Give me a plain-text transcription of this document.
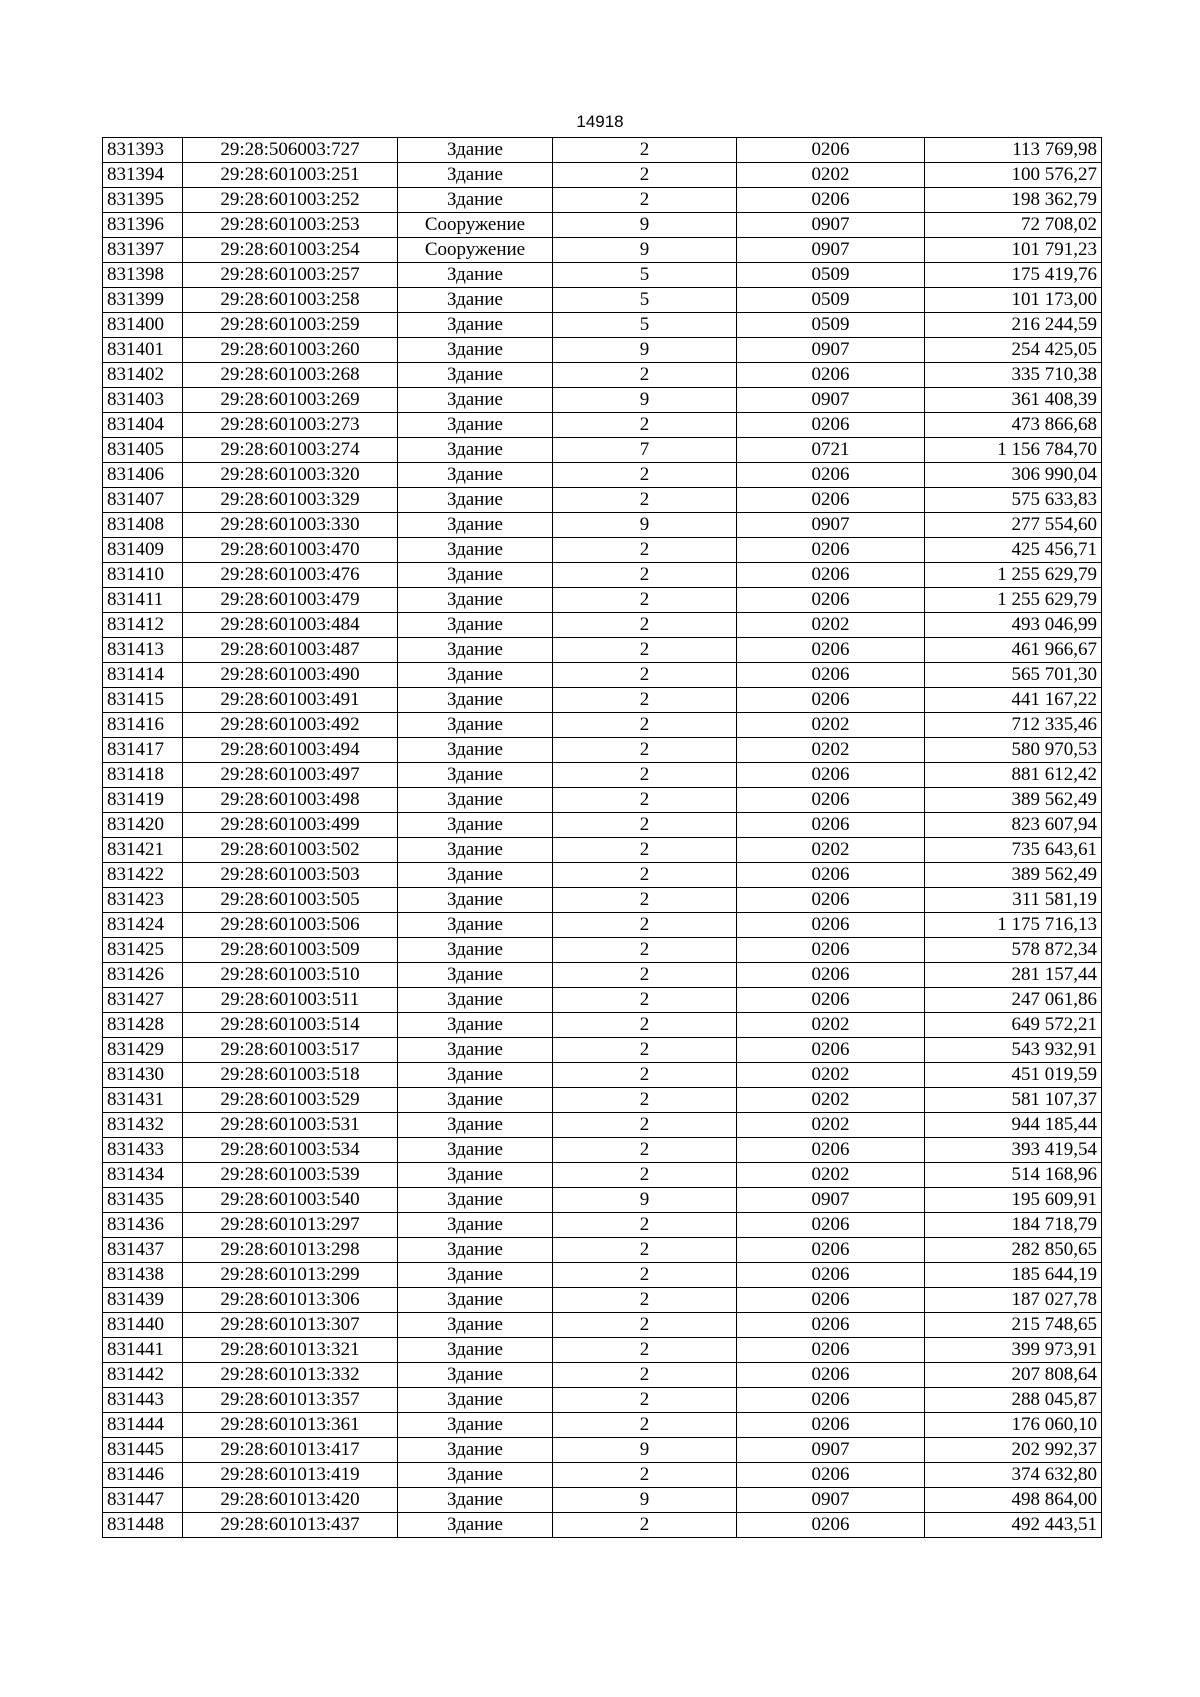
14918
831393	29:28:506003:727	Здание	2	0206	113 769,98
831394	29:28:601003:251	Здание	2	0202	100 576,27
831395	29:28:601003:252	Здание	2	0206	198 362,79
831396	29:28:601003:253	Сооружение	9	0907	72 708,02
831397	29:28:601003:254	Сооружение	9	0907	101 791,23
831398	29:28:601003:257	Здание	5	0509	175 419,76
831399	29:28:601003:258	Здание	5	0509	101 173,00
831400	29:28:601003:259	Здание	5	0509	216 244,59
831401	29:28:601003:260	Здание	9	0907	254 425,05
831402	29:28:601003:268	Здание	2	0206	335 710,38
831403	29:28:601003:269	Здание	9	0907	361 408,39
831404	29:28:601003:273	Здание	2	0206	473 866,68
831405	29:28:601003:274	Здание	7	0721	1 156 784,70
831406	29:28:601003:320	Здание	2	0206	306 990,04
831407	29:28:601003:329	Здание	2	0206	575 633,83
831408	29:28:601003:330	Здание	9	0907	277 554,60
831409	29:28:601003:470	Здание	2	0206	425 456,71
831410	29:28:601003:476	Здание	2	0206	1 255 629,79
831411	29:28:601003:479	Здание	2	0206	1 255 629,79
831412	29:28:601003:484	Здание	2	0202	493 046,99
831413	29:28:601003:487	Здание	2	0206	461 966,67
831414	29:28:601003:490	Здание	2	0206	565 701,30
831415	29:28:601003:491	Здание	2	0206	441 167,22
831416	29:28:601003:492	Здание	2	0202	712 335,46
831417	29:28:601003:494	Здание	2	0202	580 970,53
831418	29:28:601003:497	Здание	2	0206	881 612,42
831419	29:28:601003:498	Здание	2	0206	389 562,49
831420	29:28:601003:499	Здание	2	0206	823 607,94
831421	29:28:601003:502	Здание	2	0202	735 643,61
831422	29:28:601003:503	Здание	2	0206	389 562,49
831423	29:28:601003:505	Здание	2	0206	311 581,19
831424	29:28:601003:506	Здание	2	0206	1 175 716,13
831425	29:28:601003:509	Здание	2	0206	578 872,34
831426	29:28:601003:510	Здание	2	0206	281 157,44
831427	29:28:601003:511	Здание	2	0206	247 061,86
831428	29:28:601003:514	Здание	2	0202	649 572,21
831429	29:28:601003:517	Здание	2	0206	543 932,91
831430	29:28:601003:518	Здание	2	0202	451 019,59
831431	29:28:601003:529	Здание	2	0202	581 107,37
831432	29:28:601003:531	Здание	2	0202	944 185,44
831433	29:28:601003:534	Здание	2	0206	393 419,54
831434	29:28:601003:539	Здание	2	0202	514 168,96
831435	29:28:601003:540	Здание	9	0907	195 609,91
831436	29:28:601013:297	Здание	2	0206	184 718,79
831437	29:28:601013:298	Здание	2	0206	282 850,65
831438	29:28:601013:299	Здание	2	0206	185 644,19
831439	29:28:601013:306	Здание	2	0206	187 027,78
831440	29:28:601013:307	Здание	2	0206	215 748,65
831441	29:28:601013:321	Здание	2	0206	399 973,91
831442	29:28:601013:332	Здание	2	0206	207 808,64
831443	29:28:601013:357	Здание	2	0206	288 045,87
831444	29:28:601013:361	Здание	2	0206	176 060,10
831445	29:28:601013:417	Здание	9	0907	202 992,37
831446	29:28:601013:419	Здание	2	0206	374 632,80
831447	29:28:601013:420	Здание	9	0907	498 864,00
831448	29:28:601013:437	Здание	2	0206	492 443,51
